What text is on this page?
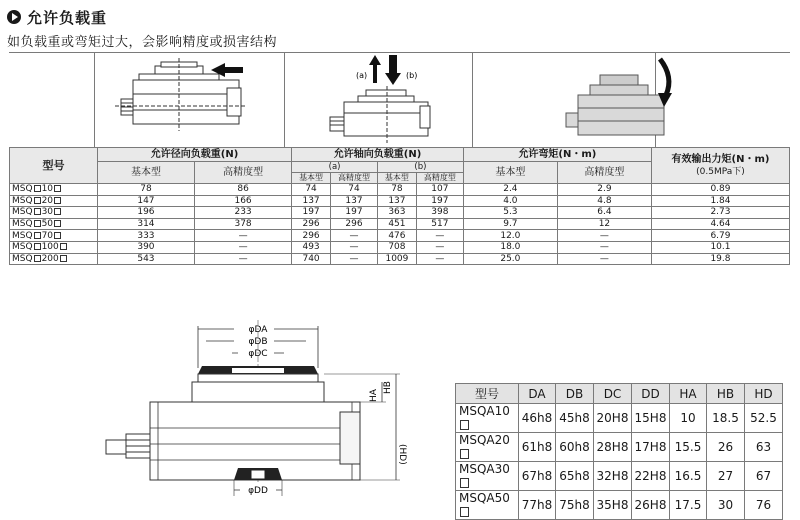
允许负载重
如负载重或弯矩过大，会影响精度或损害结构
(a)	(b)
型号	允许径向负载重(N)		允许轴向负载重(N)				允许弯矩(N・m)		有效输出力矩(N・m)
(0.5MPa下)

	基本型	高精度型	(a)		(b)		基本型	高精度型	
			基本型	高精度型	基本型	高精度型			
MSQ 10	78	86	74	74	78	107	2.4	2.9	0.89
MSQ 20	147	166	137	137	137	197	4.0	4.8	1.84
MSQ 30	196	233	197	197	363	398	5.3	6.4	2.73
MSQ 50	314	378	296	296	451	517	9.7	12	4.64
MSQ 70	333	—	296	—	476	—	12.0	—	6.79
MSQ 100	390	—	493	—	708	—	18.0	—	10.1
MSQ 200	543	—	740	—	1009	—	25.0	—	19.8
φDA
φDB
φDC
HA
HB
(HD)
φDD
型号	DA	DB	DC	DD	HA	HB	HD
MSQA10	46h8	45h8	20H8	15H8	10	18.5	52.5
MSQA20	61h8	60h8	28H8	17H8	15.5	26	63
MSQA30	67h8	65h8	32H8	22H8	16.5	27	67
MSQA50	77h8	75h8	35H8	26H8	17.5	30	76
